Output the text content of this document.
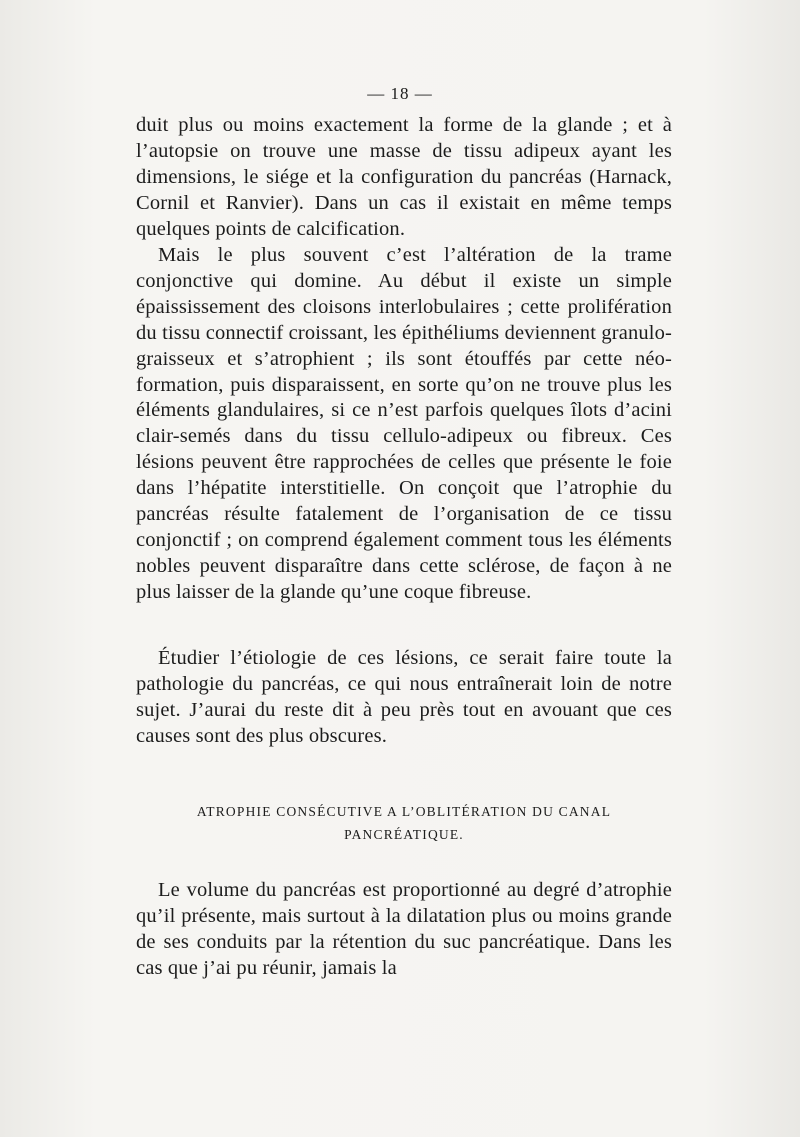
— 18 —

duit plus ou moins exactement la forme de la glande ; et à l’autopsie on trouve une masse de tissu adipeux ayant les dimensions, le siége et la configuration du pancréas (Harnack, Cornil et Ranvier). Dans un cas il existait en même temps quelques points de calcification.

Mais le plus souvent c’est l’altération de la trame conjonctive qui domine. Au début il existe un simple épaississement des cloisons interlobulaires ; cette prolifération du tissu connectif croissant, les épithéliums deviennent granulo-graisseux et s’atrophient ; ils sont étouffés par cette néo-formation, puis disparaissent, en sorte qu’on ne trouve plus les éléments glandulaires, si ce n’est parfois quelques îlots d’acini clair-semés dans du tissu cellulo-adipeux ou fibreux. Ces lésions peuvent être rapprochées de celles que présente le foie dans l’hépatite interstitielle. On conçoit que l’atrophie du pancréas résulte fatalement de l’organisation de ce tissu conjonctif ; on comprend également comment tous les éléments nobles peuvent disparaître dans cette sclérose, de façon à ne plus laisser de la glande qu’une coque fibreuse.

Étudier l’étiologie de ces lésions, ce serait faire toute la pathologie du pancréas, ce qui nous entraînerait loin de notre sujet. J’aurai du reste dit à peu près tout en avouant que ces causes sont des plus obscures.

ATROPHIE CONSÉCUTIVE A L’OBLITÉRATION DU CANAL
PANCRÉATIQUE.

Le volume du pancréas est proportionné au degré d’atrophie qu’il présente, mais surtout à la dilatation plus ou moins grande de ses conduits par la rétention du suc pancréatique. Dans les cas que j’ai pu réunir, jamais la
